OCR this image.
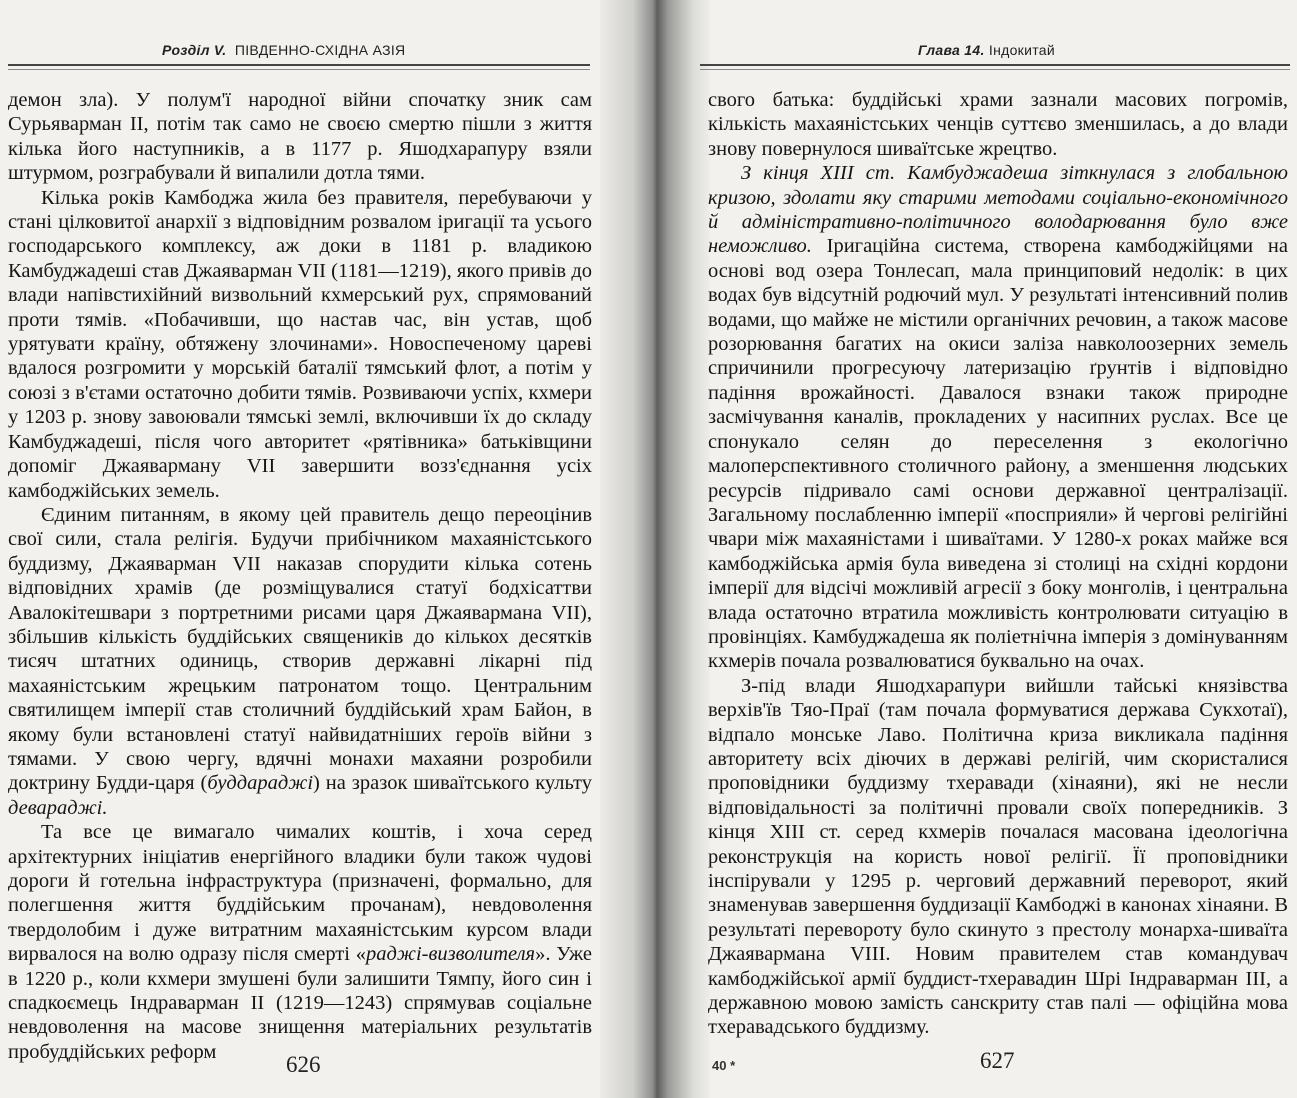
Розділ V. ПІВДЕННО-СХІДНА АЗІЯ

демон зла). У полум'ї народної війни спочатку зник сам Сурьяварман II, потім так само не своєю смертю пішли з життя кілька його наступників, а в 1177 р. Яшодхарапуру взяли штурмом, розграбували й випалили дотла тями.

Кілька років Камбоджа жила без правителя, перебуваючи у стані цілковитої анархії з відповідним розвалом іригації та усього господарського комплексу, аж доки в 1181 р. владикою Камбуджадеші став Джаяварман VII (1181—1219), якого привів до влади напівстихійний визвольний кхмерський рух, спрямований проти тямів. «Побачивши, що настав час, він устав, щоб урятувати країну, обтяжену злочинами». Новоспеченому цареві вдалося розгромити у морській баталії тямський флот, а потім у союзі з в'єтами остаточно добити тямів. Розвиваючи успіх, кхмери у 1203 р. знову завоювали тямські землі, включивши їх до складу Камбуджадеші, після чого авторитет «рятівника» батьківщини допоміг Джаяварману VII завершити возз'єднання усіх камбоджійських земель.

Єдиним питанням, в якому цей правитель дещо переоцінив свої сили, стала релігія. Будучи прибічником махаяністського буддизму, Джаяварман VII наказав спорудити кілька сотень відповідних храмів (де розміщувалися статуї бодхісаттви Авалокітешвари з портретними рисами царя Джаявармана VII), збільшив кількість буддійських священиків до кількох десятків тисяч штатних одиниць, створив державні лікарні під махаяністським жрецьким патронатом тощо. Центральним святилищем імперії став столичний буддійський храм Байон, в якому були встановлені статуї найвидатніших героїв війни з тямами. У свою чергу, вдячні монахи махаяни розробили доктрину Будди-царя (буддараджі) на зразок шиваїтського культу девараджі.

Та все це вимагало чималих коштів, і хоча серед архітектурних ініціатив енергійного владики були також чудові дороги й готельна інфраструктура (призначені, формально, для полегшення життя буддійським прочанам), невдоволення твердолобим і дуже витратним махаяністським курсом влади вирвалося на волю одразу після смерті «раджі-визволителя». Уже в 1220 р., коли кхмери змушені були залишити Тямпу, його син і спадкоємець Індраварман II (1219—1243) спрямував соціальне невдоволення на масове знищення матеріальних результатів пробуддійських реформ

626
Глава 14. Індокитай

свого батька: буддійські храми зазнали масових погромів, кількість махаяністських ченців суттєво зменшилась, а до влади знову повернулося шиваїтське жрецтво.

З кінця XIII ст. Камбуджадеша зіткнулася з глобальною кризою, здолати яку старими методами соціально-економічного й адміністративно-політичного володарювання було вже неможливо. Іригаційна система, створена камбоджійцями на основі вод озера Тонлесап, мала принциповий недолік: в цих водах був відсутній родючий мул. У результаті інтенсивний полив водами, що майже не містили органічних речовин, а також масове розорювання багатих на окиси заліза навколоозерних земель спричинили прогресуючу латеризацію ґрунтів і відповідно падіння врожайності. Давалося взнаки також природне засмічування каналів, прокладених у насипних руслах. Все це спонукало селян до переселення з екологічно малоперспективного столичного району, а зменшення людських ресурсів підривало самі основи державної централізації. Загальному послабленню імперії «посприяли» й чергові релігійні чвари між махаяністами і шиваїтами. У 1280-х роках майже вся камбоджійська армія була виведена зі столиці на східні кордони імперії для відсічі можливій агресії з боку монголів, і центральна влада остаточно втратила можливість контролювати ситуацію в провінціях. Камбуджадеша як поліетнічна імперія з домінуванням кхмерів почала розвалюватися буквально на очах.

З-під влади Яшодхарапури вийшли тайські князівства верхів'їв Тяо-Праї (там почала формуватися держава Сукхотаї), відпало монське Лаво. Політична криза викликала падіння авторитету всіх діючих в державі релігій, чим скористалися проповідники буддизму тхеравади (хінаяни), які не несли відповідальності за політичні провали своїх попередників. З кінця XIII ст. серед кхмерів почалася масована ідеологічна реконструкція на користь нової релігії. Її проповідники інспірували у 1295 р. черговий державний переворот, який знаменував завершення буддизації Камбоджі в канонах хінаяни. В результаті перевороту було скинуто з престолу монарха-шиваїта Джаявармана VIII. Новим правителем став командувач камбоджійської армії буддист-тхеравадин Шрі Індраварман III, а державною мовою замість санскриту став палі — офіційна мова тхеравадського буддизму.

40 *	627
